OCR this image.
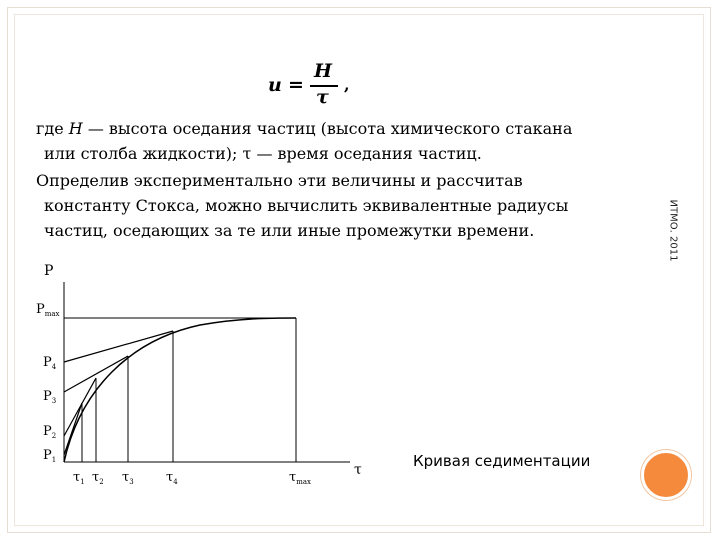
u =
H
τ
,

где H — высота оседания частиц (высота химического стакана
или столба жидкости); τ — время оседания частиц.

Определив экспериментально эти величины и рассчитав
константу Стокса, можно вычислить эквивалентные радиусы
частиц, оседающих за те или иные промежутки времени.	ИТМО. 2011
P
τ
$P_{max}$
$P_4$
$P_3$
$P_2$
$P_1$
$\tau_1$ $\tau_2$ $\tau_3$ $\tau_4$	$\tau_{max}$
Кривая седиментации
